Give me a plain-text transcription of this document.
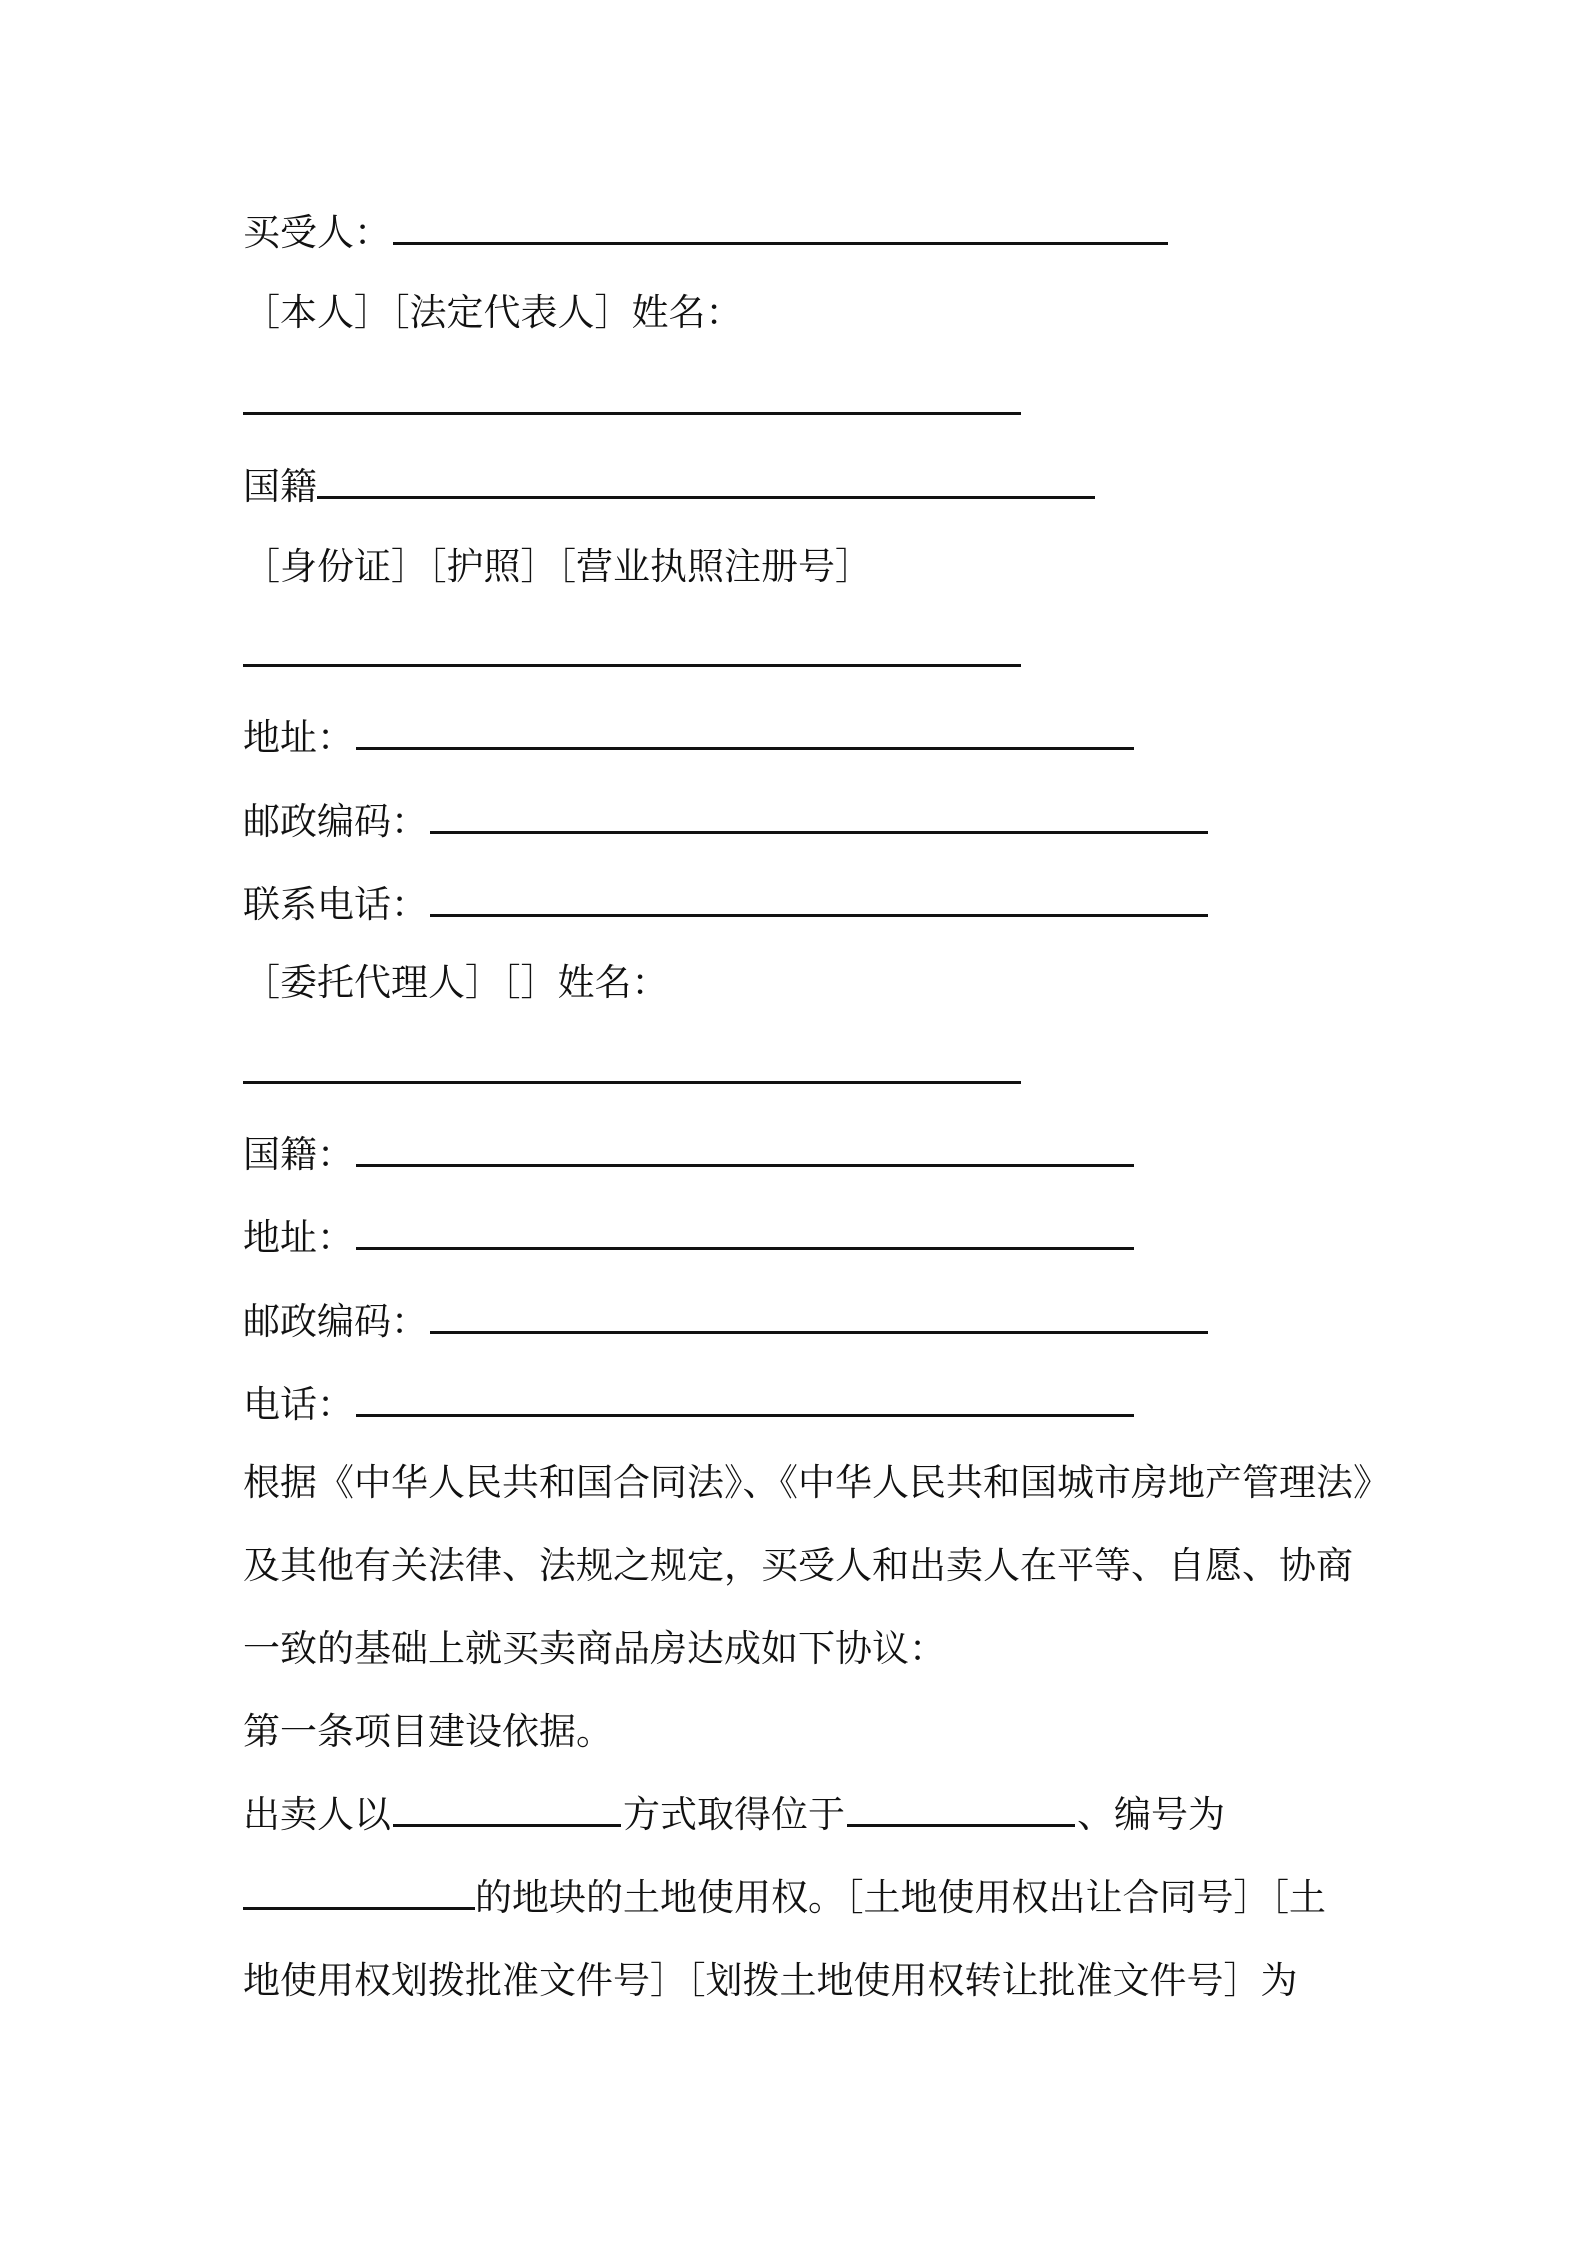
买受人：
［本人］［法定代表人］姓名：
国籍
［身份证］［护照］［营业执照注册号］
地址：
邮政编码：
联系电话：
［委托代理人］［］姓名：
国籍：
地址：
邮政编码：
电话：
根据《中华人民共和国合同法》、《中华人民共和国城市房地产管理法》
及其他有关法律、法规之规定，买受人和出卖人在平等、自愿、协商
一致的基础上就买卖商品房达成如下协议：
第一条项目建设依据。
出卖人以	方式取得位于	、编号为
的地块的土地使用权。［土地使用权出让合同号］［土
地使用权划拨批准文件号］［划拨土地使用权转让批准文件号］为
